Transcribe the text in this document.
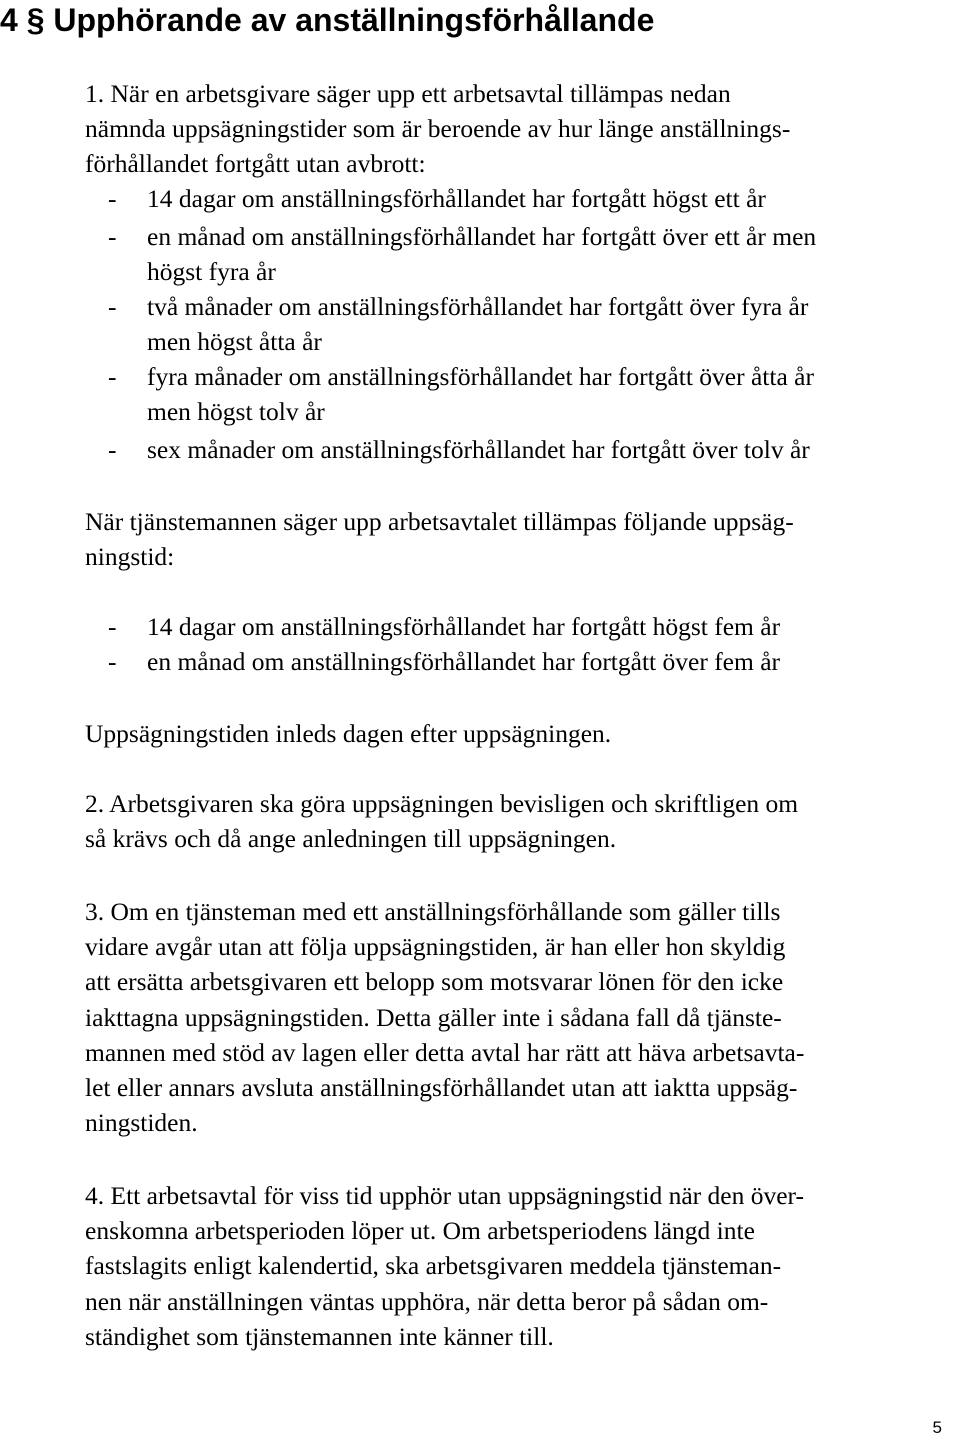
4 § Upphörande av anställningsförhållande
1. När en arbetsgivare säger upp ett arbetsavtal tillämpas nedan
nämnda uppsägningstider som är beroende av hur länge anställnings-
förhållandet fortgått utan avbrott:
- 14 dagar om anställningsförhållandet har fortgått högst ett år
- en månad om anställningsförhållandet har fortgått över ett år men
högst fyra år
- två månader om anställningsförhållandet har fortgått över fyra år
men högst åtta år
- fyra månader om anställningsförhållandet har fortgått över åtta år
men högst tolv år
- sex månader om anställningsförhållandet har fortgått över tolv år
När tjänstemannen säger upp arbetsavtalet tillämpas följande uppsäg-
ningstid:
- 14 dagar om anställningsförhållandet har fortgått högst fem år
- en månad om anställningsförhållandet har fortgått över fem år
Uppsägningstiden inleds dagen efter uppsägningen.
2. Arbetsgivaren ska göra uppsägningen bevisligen och skriftligen om
så krävs och då ange anledningen till uppsägningen.
3. Om en tjänsteman med ett anställningsförhållande som gäller tills
vidare avgår utan att följa uppsägningstiden, är han eller hon skyldig
att ersätta arbetsgivaren ett belopp som motsvarar lönen för den icke
iakttagna uppsägningstiden. Detta gäller inte i sådana fall då tjänste-
mannen med stöd av lagen eller detta avtal har rätt att häva arbetsavta-
let eller annars avsluta anställningsförhållandet utan att iaktta uppsäg-
ningstiden.
4. Ett arbetsavtal för viss tid upphör utan uppsägningstid när den över-
enskomna arbetsperioden löper ut. Om arbetsperiodens längd inte
fastslagits enligt kalendertid, ska arbetsgivaren meddela tjänsteman-
nen när anställningen väntas upphöra, när detta beror på sådan om-
ständighet som tjänstemannen inte känner till.
5
